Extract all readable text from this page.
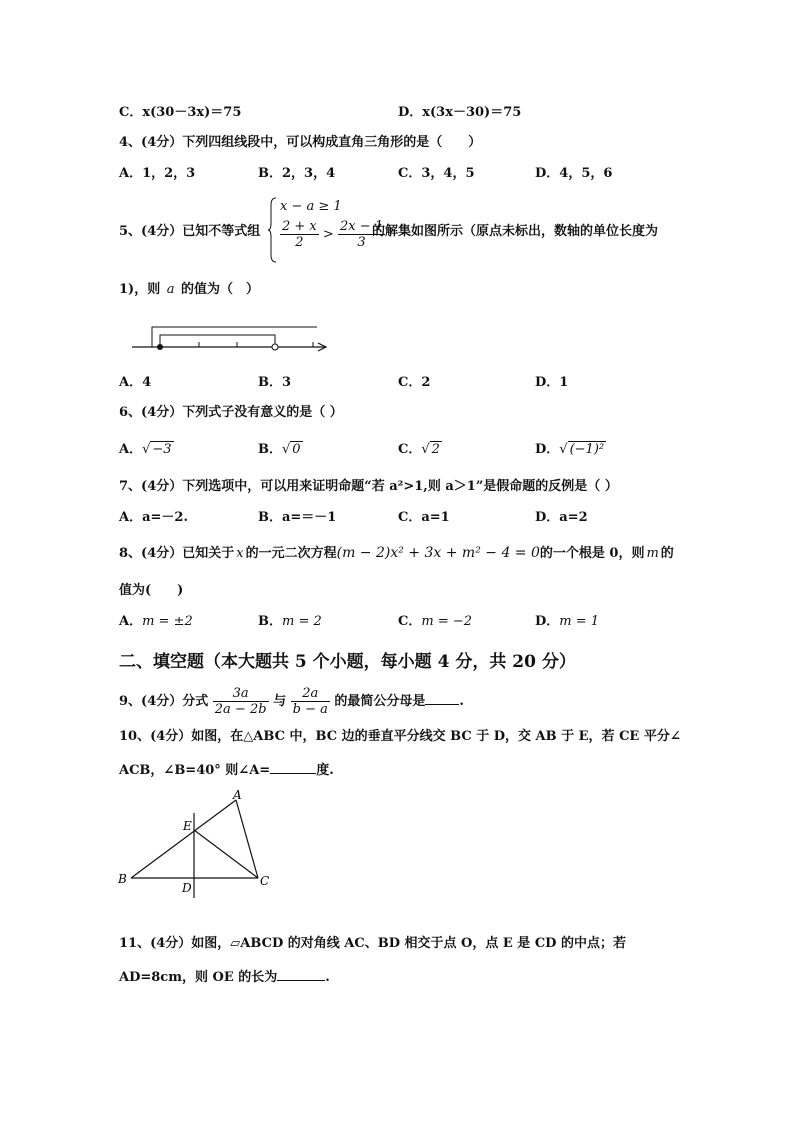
C．x(30－3x)＝75	D．x(3x－30)＝75
4、(4分）下列四组线段中，可以构成直角三角形的是（　　）
A．1，2，3	B．2，3，4	C．3，4，5	D．4，5，6
5、(4分）已知不等式组
x − a ≥ 1
$\frac{2 + x}{2} > \frac{2x - 1}{3}$
的解集如图所示（原点未标出，数轴的单位长度为
1)，则 a 的值为（　）
A．4	B．3	C．2	D．1
6、(4分）下列式子没有意义的是（ ）
A．√ −3	B．√ 0	C．√ 2	D．√ (−1)²
7、(4分）下列选项中，可以用来证明命题“若 a²>1,则 a＞1”是假命题的反例是（ ）
A．a=－2.	B．a=＝－1	C．a=1	D．a=2
8、(4分）已知关于 x 的一元二次方程(m − 2)x² + 3x + m² − 4 = 0的一个根是 0，则 m 的
值为(　　)
A．m = ±2	B．m = 2	C．m = −2	D．m = 1
二、填空题（本大题共 5 个小题，每小题 4 分，共 20 分）
9、(4分）分式 $\frac{3a}{2a - 2b}$ 与 $\frac{2a}{b - a}$ 的最简公分母是	.
10、(4分）如图，在△ABC 中，BC 边的垂直平分线交 BC 于 D，交 AB 于 E，若 CE 平分∠
ACB，∠B=40° 则∠A=	度.
A
B	C
D
E
11、(4分）如图，▱ABCD 的对角线 AC、BD 相交于点 O，点 E 是 CD 的中点；若
AD=8cm，则 OE 的长为	.
